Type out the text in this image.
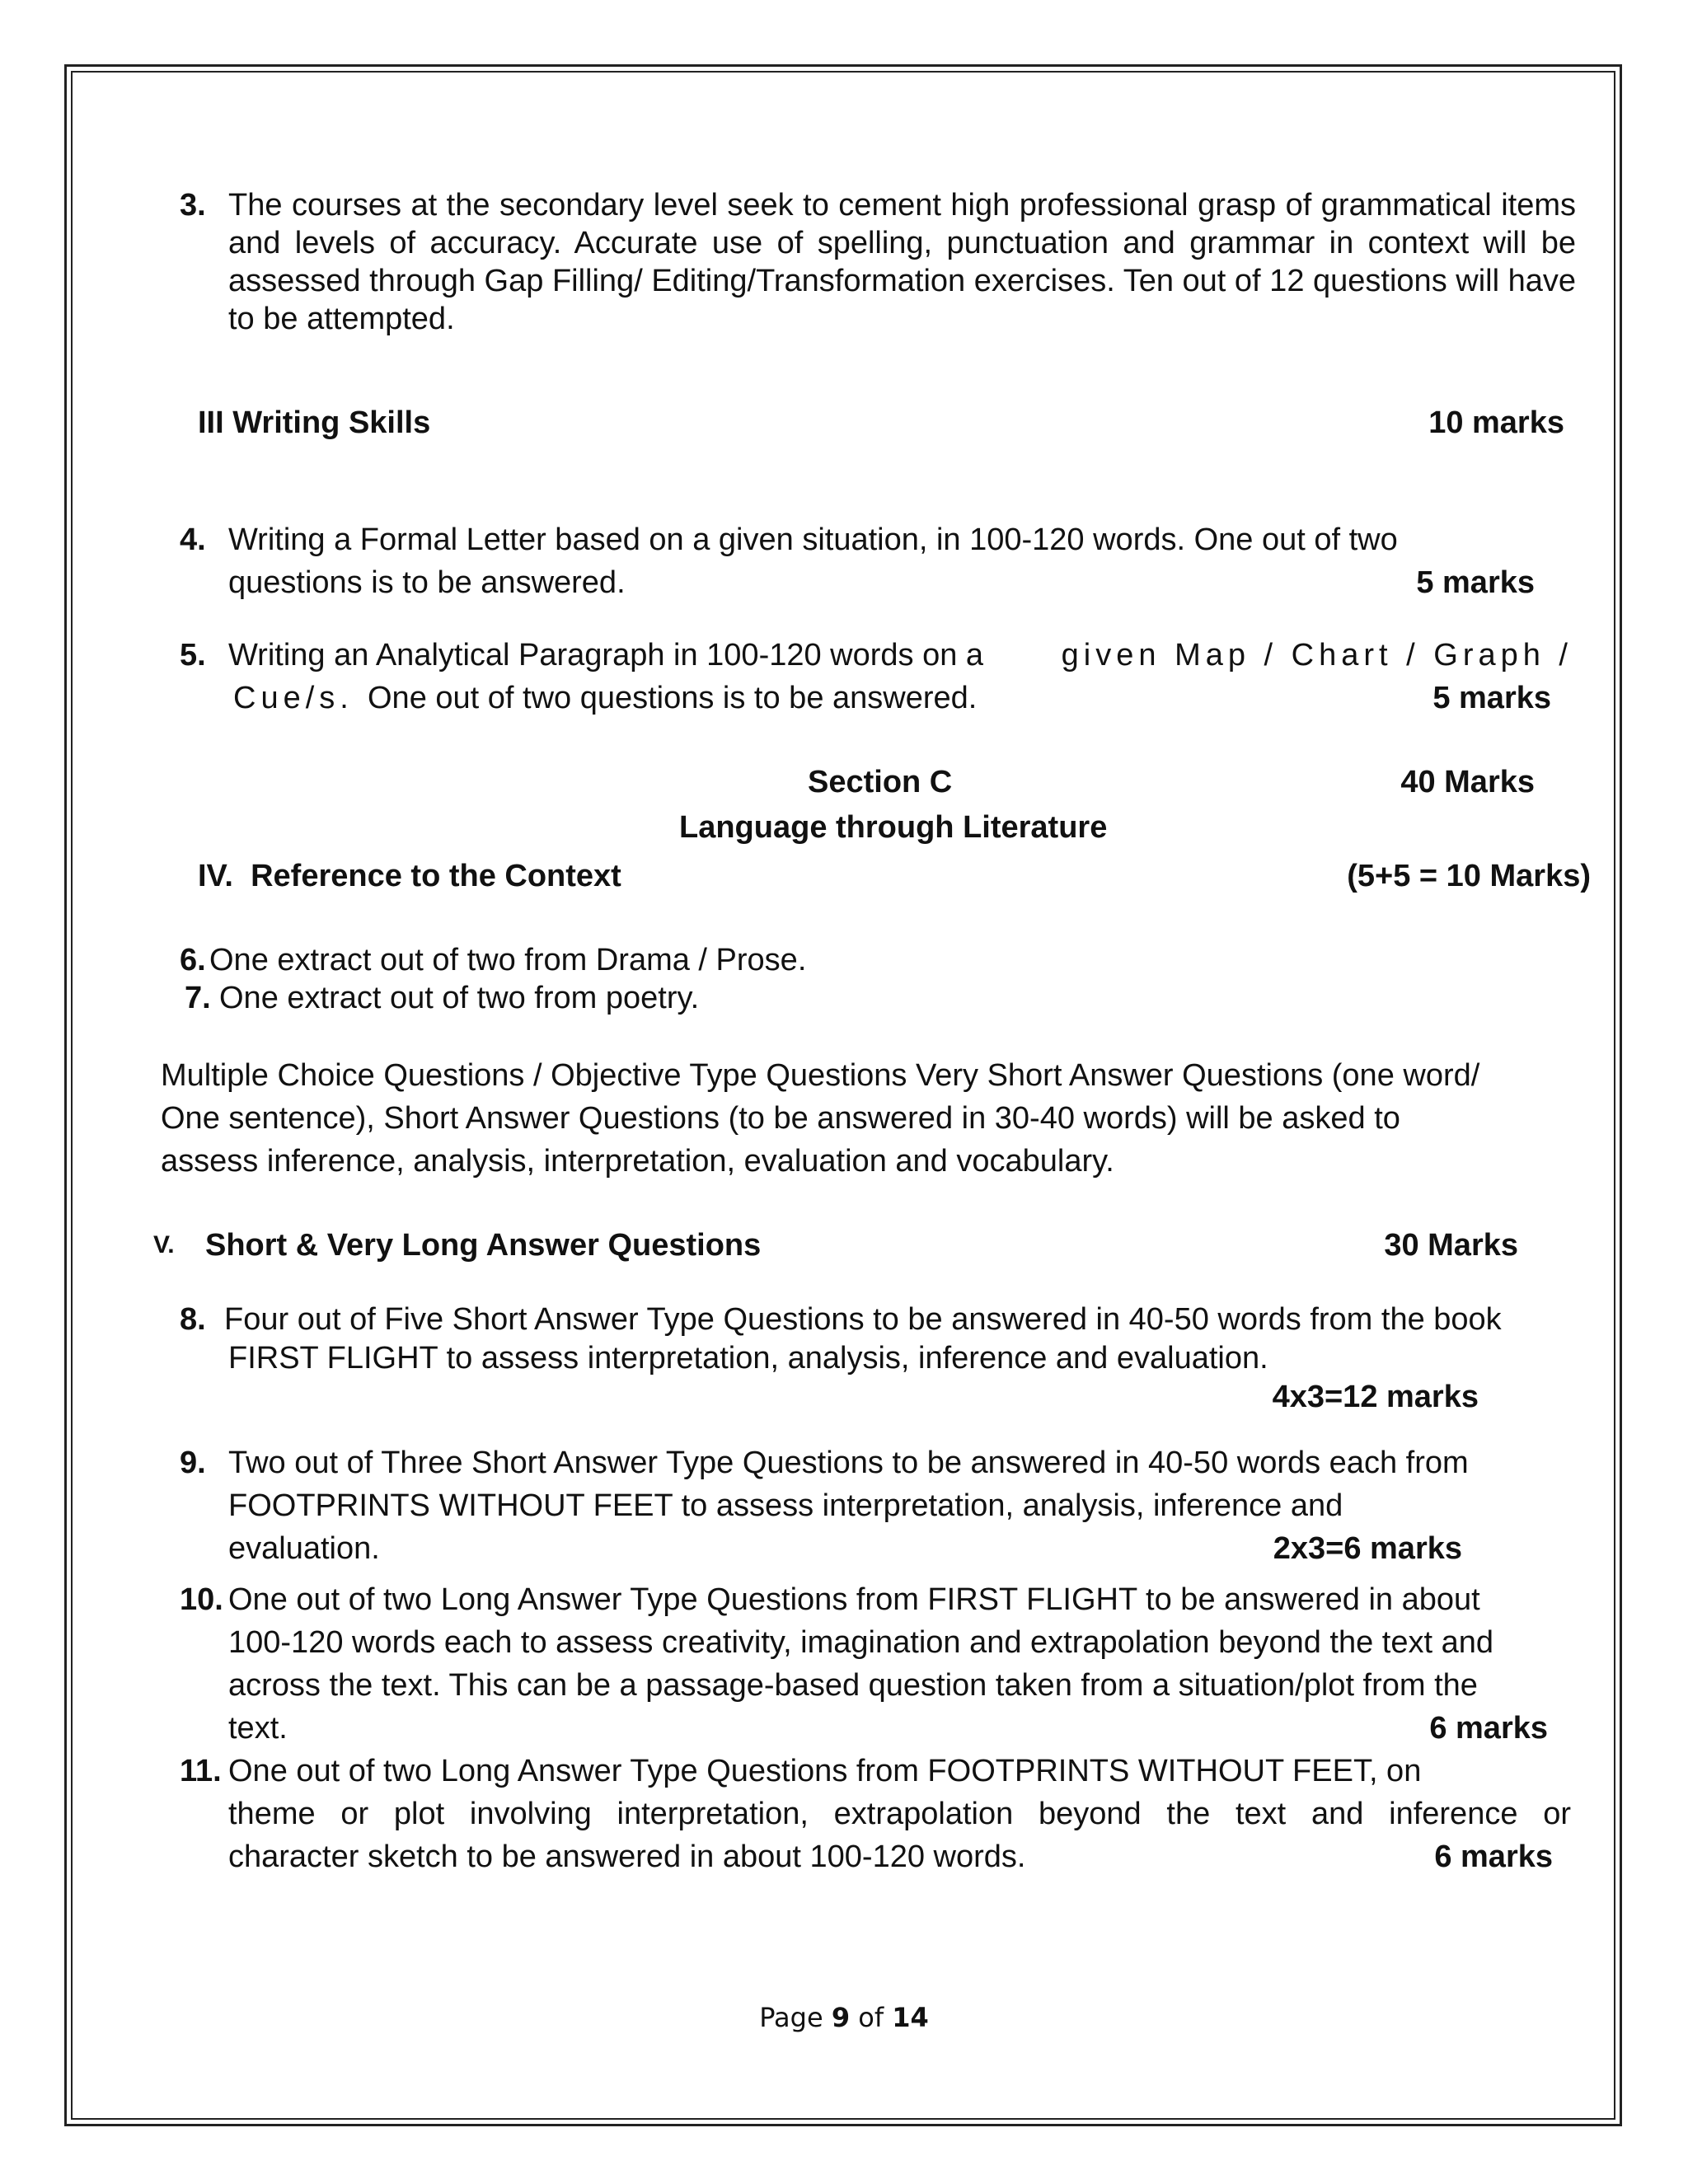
3. The courses at the secondary level seek to cement high professional grasp of grammatical items and levels of accuracy. Accurate use of spelling, punctuation and grammar in context will be assessed through Gap Filling/ Editing/Transformation exercises. Ten out of 12 questions will have to be attempted.
III Writing Skills	10 marks
4. Writing a Formal Letter based on a given situation, in 100-120 words. One out of two
questions is to be answered.	5 marks
5. Writing an Analytical Paragraph in 100-120 words on a given Map / Chart / Graph /
Cue/s. One out of two questions is to be answered.	5 marks
Section C	40 Marks
Language through Literature
IV.  Reference to the Context	(5+5 = 10 Marks)
6. One extract out of two from Drama / Prose.
7. One extract out of two from poetry.
Multiple Choice Questions / Objective Type Questions Very Short Answer Questions (one word/
One sentence), Short Answer Questions (to be answered in 30-40 words) will be asked to
assess inference, analysis, interpretation, evaluation and vocabulary.
V. Short & Very Long Answer Questions	30 Marks
8. Four out of Five Short Answer Type Questions to be answered in 40-50 words from the book
FIRST FLIGHT to assess interpretation, analysis, inference and evaluation.
4x3=12 marks
9. Two out of Three Short Answer Type Questions to be answered in 40-50 words each from
FOOTPRINTS WITHOUT FEET to assess interpretation, analysis, inference and
evaluation.	2x3=6 marks
10. One out of two Long Answer Type Questions from FIRST FLIGHT to be answered in about
100-120 words each to assess creativity, imagination and extrapolation beyond the text and
across the text. This can be a passage-based question taken from a situation/plot from the
text.	6 marks
11. One out of two Long Answer Type Questions from FOOTPRINTS WITHOUT FEET, on
theme or plot involving interpretation, extrapolation beyond the text and inference or
character sketch to be answered in about 100-120 words.	6 marks
Page 9 of 14
